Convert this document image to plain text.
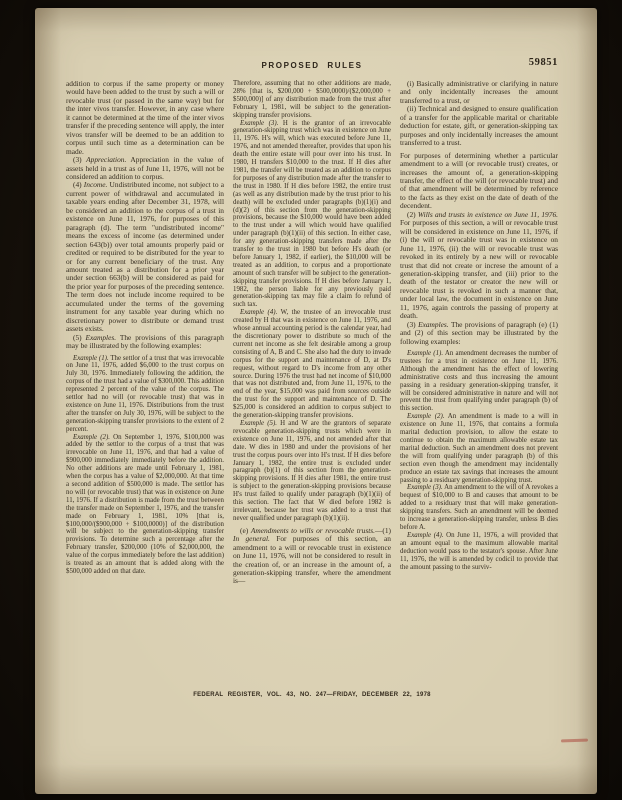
PROPOSED RULES	59851

addition to corpus if the same property or money would have been added to the trust by such a will or revocable trust (or passed in the same way) but for the inter vivos transfer. However, in any case where it cannot be determined at the time of the inter vivos transfer if the preceding sentence will apply, the inter vivos transfer will be deemed to be an addition to corpus until such time as a determination can be made.

(3) Appreciation. Appreciation in the value of assets held in a trust as of June 11, 1976, will not be considered an addition to corpus.

(4) Income. Undistributed income, not subject to a current power of withdrawal and accumulated in taxable years ending after December 31, 1978, will be considered an addition to the corpus of a trust in existence on June 11, 1976, for purposes of this paragraph (d). The term "undistributed income" means the excess of income (as determined under section 643(b)) over total amounts properly paid or credited or required to be distributed for the year to or for any current beneficiary of the trust. Any amount treated as a distribution for a prior year under section 663(b) will be considered as paid for the prior year for purposes of the preceding sentence. The term does not include income required to be accumulated under the terms of the governing instrument for any taxable year during which no discretionary power to distribute or demand trust assets exists.

(5) Examples. The provisions of this paragraph may be illustrated by the following examples:

Example (1). The settlor of a trust that was irrevocable on June 11, 1976, added $6,000 to the trust corpus on July 30, 1976. Immediately following the addition, the corpus of the trust had a value of $300,000. This addition represented 2 percent of the value of the corpus. The settlor had no will (or revocable trust) that was in existence on June 11, 1976. Distributions from the trust after the transfer on July 30, 1976, will be subject to the generation-skipping transfer provisions to the extent of 2 percent.

Example (2). On September 1, 1976, $100,000 was added by the settlor to the corpus of a trust that was irrevocable on June 11, 1976, and that had a value of $900,000 immediately immediately before the addition. No other additions are made until February 1, 1981, when the corpus has a value of $2,000,000. At that time a second addition of $500,000 is made. The settlor has no will (or revocable trust) that was in existence on June 11, 1976. If a distribution is made from the trust between the transfer made on September 1, 1976, and the transfer made on February 1, 1981, 10% [that is, $100,000/($900,000 + $100,0000)] of the distribution will be subject to the generation-skipping transfer provisions. To determine such a percentage after the February transfer, $200,000 (10% of $2,000,000, the value of the corpus immediately before the last addition) is treated as an amount that is added along with the $500,000 added on that date.

Therefore, assuming that no other additions are made, 28% [that is, $200,000 + $500,0000)/($2,000,000 + $500,000)] of any distribution made from the trust after February 1, 1981, will be subject to the generation-skipping transfer provisions.

Example (3). H is the grantor of an irrevocable generation-skipping trust which was in existence on June 11, 1976. H's will, which was executed before June 11, 1976, and not amended thereafter, provides that upon his death the entire estate will pour over into his trust. In 1980, H transfers $10,000 to the trust. If H dies after 1981, the transfer will be treated as an addition to corpus for purposes of any distribution made after the transfer to the trust in 1980. If H dies before 1982, the entire trust (as well as any distribution made by the trust prior to his death) will be excluded under paragraphs (b)(1)(i) and (d)(2) of this section from the generation-skipping provisions, because the $10,000 would have been added to the trust under a will which would have qualified under paragraph (b)(1)(ii) of this section. In either case, for any generation-skipping transfers made after the transfer to the trust in 1980 but before H's death (or before January 1, 1982, if earlier), the $10,000 will be treated as an addition, to corpus and a proportionate amount of such transfer will be subject to the generation-skipping transfer provisions. If H dies before January 1, 1982, the person liable for any previously paid generation-skipping tax may file a claim fo refund of such tax.

Example (4). W, the trustee of an irrevocable trust created by H that was in existence on June 11, 1976, and whose annual accounting period is the calendar year, had the discretionary power to distribute so much of the current net income as she felt desirable among a group consisting of A, B and C. She also had the duty to invade corpus for the support and maintenance of D, at D's request, without regard to D's income from any other source. During 1976 the trust had net income of $10,000 that was not distributed and, from June 11, 1976, to the end of the year, $15,000 was paid from sources outside the trust for the support and maintenance of D. The $25,000 is considered an addition to corpus subject to the generation-skipping transfer provisions.

Example (5). H and W are the grantors of separate revocable generation-skipping trusts which were in existence on June 11, 1976, and not amended after that date. W dies in 1980 and under the provisions of her trust the corpus pours over into H's trust. If H dies before January 1, 1982, the entire trust is excluded under paragraph (b)(1) of this section from the generation-skipping provisions. If H dies after 1981, the entire trust is subject to the generation-skipping provisions because H's trust failed to qualify under paragraph (b)(1)(ii) of this section. The fact that W died before 1982 is irrelevant, because her trust was added to a trust that never qualified under paragraph (b)(1)(ii).

(e) Amendments to wills or revocable trusts.—(1) In general. For purposes of this section, an amendment to a will or revocable trust in existence on June 11, 1976, will not be considered to result in the creation of, or an increase in the amount of, a generation-skipping transfer, where the amendment is—

(i) Basically administrative or clarifying in nature and only incidentally increases the amount transferred to a trust, or

(ii) Technical and designed to ensure qualification of a transfer for the applicable marital or charitable deduction for estate, gift, or generation-skipping tax purposes and only incidentally increases the amount transferred to a trust.

For purposes of determining whether a particular amendment to a will (or revocable trust) creates, or increases the amount of, a generation-skipping transfer, the effect of the will (or revocable trust) and of that amendment will be determined by reference to the facts as they exist on the date of death of the decendent.

(2) Wills and trusts in existence on June 11, 1976. For purposes of this section, a will or revocable trust will be considered in existence on June 11, 1976, if (i) the will or revocable trust was in existence on June 11, 1976, (ii) the will or revocable trust was revoked in its entirely by a new will or revocable trust that did not create or increse the amount of a generation-skipping transfer, and (iii) prior to the death of the testator or creator the new will or revocable trust is revoked in such a manner that, under local law, the document in existence on June 11, 1976, again controls the passing of property at death.

(3) Examples. The provisions of paragraph (e) (1) and (2) of this section may be illustrated by the following examples:

Example (1). An amendment decreases the number of trustees for a trust in existence on June 11, 1976. Although the amendment has the effect of lowering administrative costs and thus increasing the amount passing in a residuary generation-skipping transfer, it will be considered administrative in nature and will not prevent the trust from qualifying under paragraph (b) of this section.

Example (2). An amendment is made to a will in existence on June 11, 1976, that contains a formula marital deduction provision, to allow the estate to continue to obtain the maximum allowable estate tax marital deduction. Such an amendment does not prevent the will from qualifying under paragraph (b) of this section even though the amendment may incidentally produce an estate tax savings that increases the amount passing to a residuary generation-skipping trust.

Example (3). An amendment to the will of A revokes a bequest of $10,000 to B and causes that amount to be added to a residuary trust that will make generation-skipping transfers. Such an amendment will be deemed to increase a generation-skipping transfer, unless B dies before A.

Example (4). On June 11, 1976, a will provided that an amount equal to the maximum allowable marital deduction would pass to the testator's spouse. After June 11, 1976, the will is amended by codicil to provide that the amount passing to the surviv-

FEDERAL REGISTER, VOL. 43, NO. 247—FRIDAY, DECEMBER 22, 1978
